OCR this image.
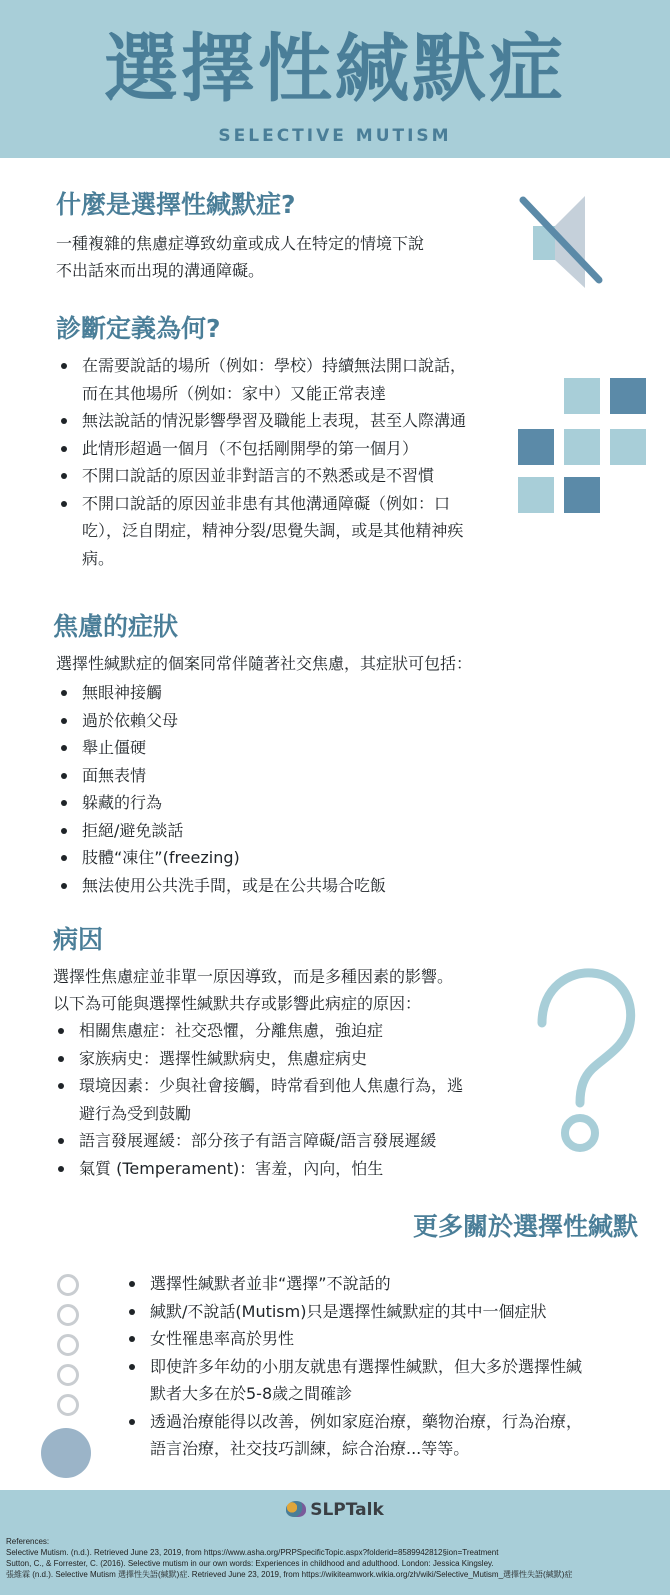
選擇性緘默症
SELECTIVE MUTISM
什麼是選擇性緘默症?

一種複雜的焦慮症導致幼童或成人在特定的情境下說

不出話來而出現的溝通障礙。

診斷定義為何?
在需要說話的場所（例如：學校）持續無法開口說話，
而在其他場所（例如：家中）又能正常表達
無法說話的情況影響學習及職能上表現，甚至人際溝通
此情形超過一個月（不包括剛開學的第一個月）
不開口說話的原因並非對語言的不熟悉或是不習慣
不開口說話的原因並非患有其他溝通障礙（例如：口
吃），泛自閉症，精神分裂/思覺失調，或是其他精神疾
病。
焦慮的症狀

選擇性緘默症的個案同常伴隨著社交焦慮，其症狀可包括：

無眼神接觸
過於依賴父母
舉止僵硬
面無表情
躲藏的行為
拒絕/避免談話
肢體“凍住”(freezing)
無法使用公共洗手間，或是在公共場合吃飯
病因

選擇性焦慮症並非單一原因導致，而是多種因素的影響。

以下為可能與選擇性緘默共存或影響此病症的原因：

相關焦慮症：社交恐懼，分離焦慮，強迫症
家族病史：選擇性緘默病史，焦慮症病史
環境因素：少與社會接觸，時常看到他人焦慮行為，逃
避行為受到鼓勵
語言發展遲緩：部分孩子有語言障礙/語言發展遲緩
氣質 (Temperament)：害羞，內向，怕生
更多關於選擇性緘默
選擇性緘默者並非“選擇”不說話的
緘默/不說話(Mutism)只是選擇性緘默症的其中一個症狀
女性罹患率高於男性
即使許多年幼的小朋友就患有選擇性緘默，但大多於選擇性緘
默者大多在於5-8歲之間確診
透過治療能得以改善，例如家庭治療，藥物治療，行為治療，
語言治療，社交技巧訓練，綜合治療...等等。
SLPTalk
References:
Selective Mutism. (n.d.). Retrieved June 23, 2019, from https://www.asha.org/PRPSpecificTopic.aspx?folderid=8589942812§ion=Treatment
Sutton, C., & Forrester, C. (2016). Selective mutism in our own words: Experiences in childhood and adulthood. London: Jessica Kingsley.
張維霖 (n.d.). Selective Mutism 選擇性失語(緘默)症. Retrieved June 23, 2019, from https://wikiteamwork.wikia.org/zh/wiki/Selective_Mutism_選擇性失語(緘默)症
